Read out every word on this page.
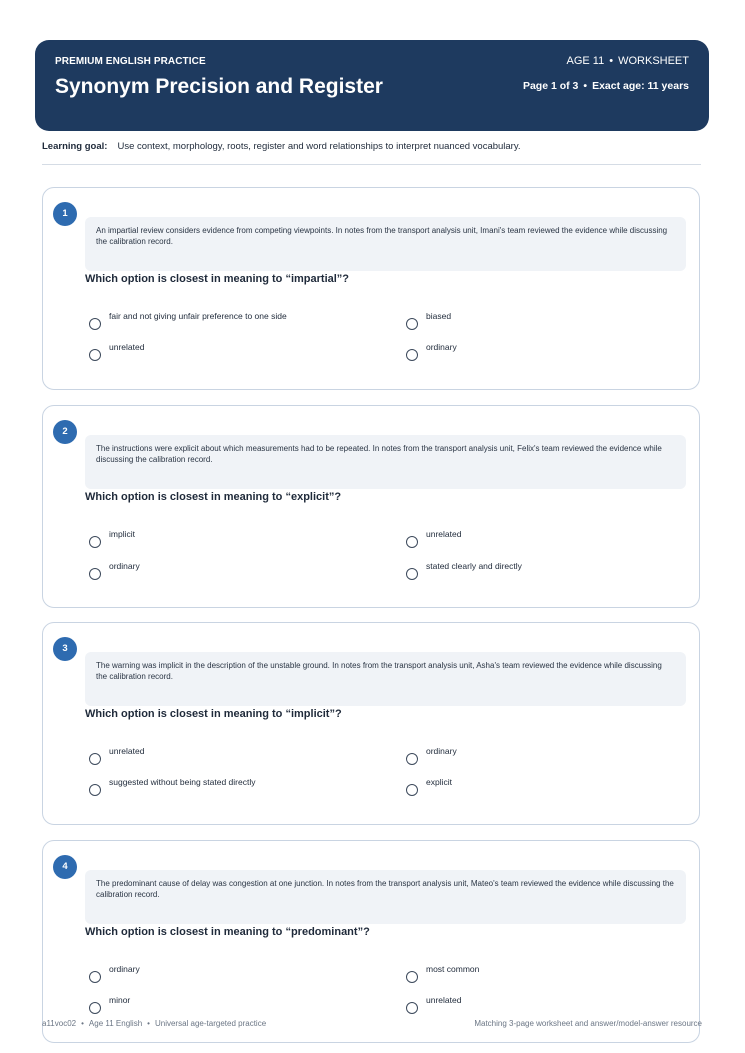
PREMIUM ENGLISH PRACTICE
Synonym Precision and Register
AGE 11 • WORKSHEET
Page 1 of 3 • Exact age: 11 years
Learning goal: Use context, morphology, roots, register and word relationships to interpret nuanced vocabulary.
1
An impartial review considers evidence from competing viewpoints. In notes from the transport analysis unit, Imani's team reviewed the evidence while discussing the calibration record.
Which option is closest in meaning to “impartial”?
fair and not giving unfair preference to one side	biased
unrelated	ordinary
2
The instructions were explicit about which measurements had to be repeated. In notes from the transport analysis unit, Felix's team reviewed the evidence while discussing the calibration record.
Which option is closest in meaning to “explicit”?
implicit	unrelated
ordinary	stated clearly and directly
3
The warning was implicit in the description of the unstable ground. In notes from the transport analysis unit, Asha's team reviewed the evidence while discussing the calibration record.
Which option is closest in meaning to “implicit”?
unrelated	ordinary
suggested without being stated directly	explicit
4
The predominant cause of delay was congestion at one junction. In notes from the transport analysis unit, Mateo's team reviewed the evidence while discussing the calibration record.
Which option is closest in meaning to “predominant”?
ordinary	most common
minor	unrelated
a11voc02 • Age 11 English • Universal age-targeted practice	Matching 3-page worksheet and answer/model-answer resource
